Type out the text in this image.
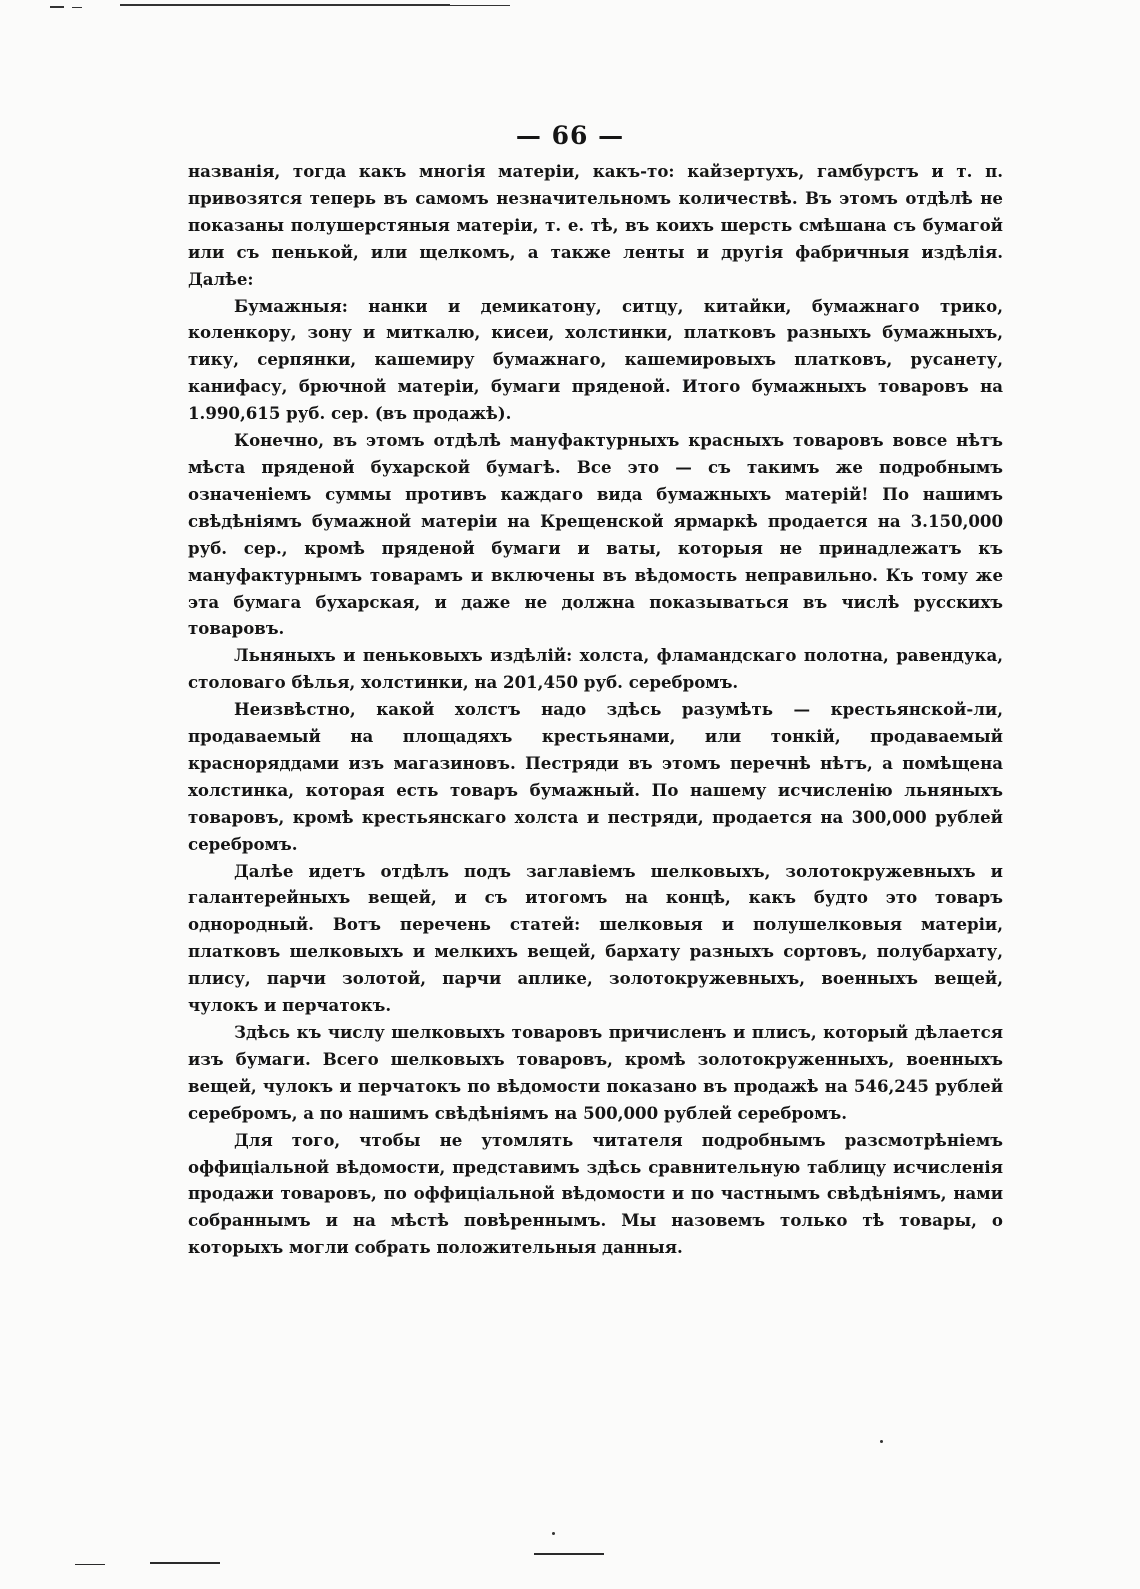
— 66 —

названія, тогда какъ многія матеріи, какъ-то: кайзертухъ, гамбурстъ и т. п. привозятся теперь въ самомъ незначительномъ количествѣ. Въ этомъ отдѣлѣ не показаны полушерстяныя матеріи, т. е. тѣ, въ коихъ шерсть смѣшана съ бумагой или съ пенькой, или щелкомъ, а также ленты и другія фабричныя издѣлія. Далѣе:

Бумажныя: нанки и демикатону, ситцу, китайки, бумажнаго трико, коленкору, зону и миткалю, кисеи, холстинки, платковъ разныхъ бумажныхъ, тику, серпянки, кашемиру бумажнаго, кашемировыхъ платковъ, русанету, канифасу, брючной матеріи, бумаги пряденой. Итого бумажныхъ товаровъ на 1.990,615 руб. сер. (въ продажѣ).

Конечно, въ этомъ отдѣлѣ мануфактурныхъ красныхъ товаровъ вовсе нѣтъ мѣста пряденой бухарской бумагѣ. Все это — съ такимъ же подробнымъ означенiемъ суммы противъ каждаго вида бумажныхъ матерій! По нашимъ свѣдѣніямъ бумажной матеріи на Крещенской ярмаркѣ продается на 3.150,000 руб. сер., кромѣ пряденой бумаги и ваты, которыя не принадлежатъ къ мануфактурнымъ товарамъ и включены въ вѣдомость неправильно. Къ тому же эта бумага бухарская, и даже не должна показываться въ числѣ русскихъ товаровъ.

Льняныхъ и пеньковыхъ издѣлій: холста, фламандскаго полотна, равендука, столоваго бѣлья, холстинки, на 201,450 руб. серебромъ.

Неизвѣстно, какой холстъ надо здѣсь разумѣть — крестьянской-ли, продаваемый на площадяхъ крестьянами, или тонкій, продаваемый красноряддами изъ магазиновъ. Пестряди въ этомъ перечнѣ нѣтъ, а помѣщена холстинка, которая есть товаръ бумажный. По нашему исчисленію льняныхъ товаровъ, кромѣ крестьянскаго холста и пестряди, продается на 300,000 рублей серебромъ.

Далѣе идетъ отдѣлъ подъ заглавіемъ шелковыхъ, золотокружевныхъ и галантерейныхъ вещей, и съ итогомъ на концѣ, какъ будто это товаръ однородный. Вотъ перечень статей: шелковыя и полушелковыя матеріи, платковъ шелковыхъ и мелкихъ вещей, бархату разныхъ сортовъ, полубархату, плису, парчи золотой, парчи аплике, золотокружевныхъ, военныхъ вещей, чулокъ и перчатокъ.

Здѣсь къ числу шелковыхъ товаровъ причисленъ и плисъ, который дѣлается изъ бумаги. Всего шелковыхъ товаровъ, кромѣ золотокруженныхъ, военныхъ вещей, чулокъ и перчатокъ по вѣдомости показано въ продажѣ на 546,245 рублей серебромъ, а по нашимъ свѣдѣніямъ на 500,000 рублей серебромъ.

Для того, чтобы не утомлять читателя подробнымъ разсмотрѣніемъ оффиціальной вѣдомости, представимъ здѣсь сравнительную таблицу исчисленія продажи товаровъ, по оффиціальной вѣдомости и по частнымъ свѣдѣніямъ, нами собраннымъ и на мѣстѣ повѣреннымъ. Мы назовемъ только тѣ товары, о которыхъ могли собрать положительныя данныя.
